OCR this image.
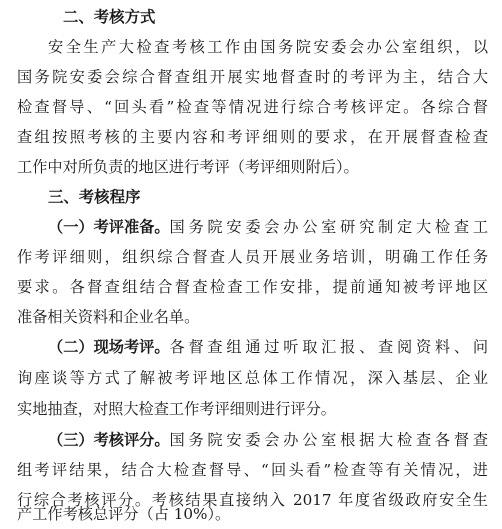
二、考核方式
安全生产大检查考核工作由国务院安委会办公室组织，以
国务院安委会综合督查组开展实地督查时的考评为主，结合大
检查督导、“回头看”检查等情况进行综合考核评定。各综合督
查组按照考核的主要内容和考评细则的要求，在开展督查检查
工作中对所负责的地区进行考评（考评细则附后）。
三、考核程序
（一）考评准备。 国务院安委会办公室研究制定大检查工
作考评细则，组织综合督查人员开展业务培训，明确工作任务
要求。各督查组结合督查检查工作安排，提前通知被考评地区
准备相关资料和企业名单。
（二）现场考评。 各督查组通过听取汇报、查阅资料、问
询座谈等方式了解被考评地区总体工作情况，深入基层、企业
实地抽查，对照大检查工作考评细则进行评分。
（三）考核评分。 国务院安委会办公室根据大检查各督查
组考评结果，结合大检查督导、“回头看”检查等有关情况，进
行综合考核评分。考核结果直接纳入 2017 年度省级政府安全生
产工作考核总评分（占 10%）。
